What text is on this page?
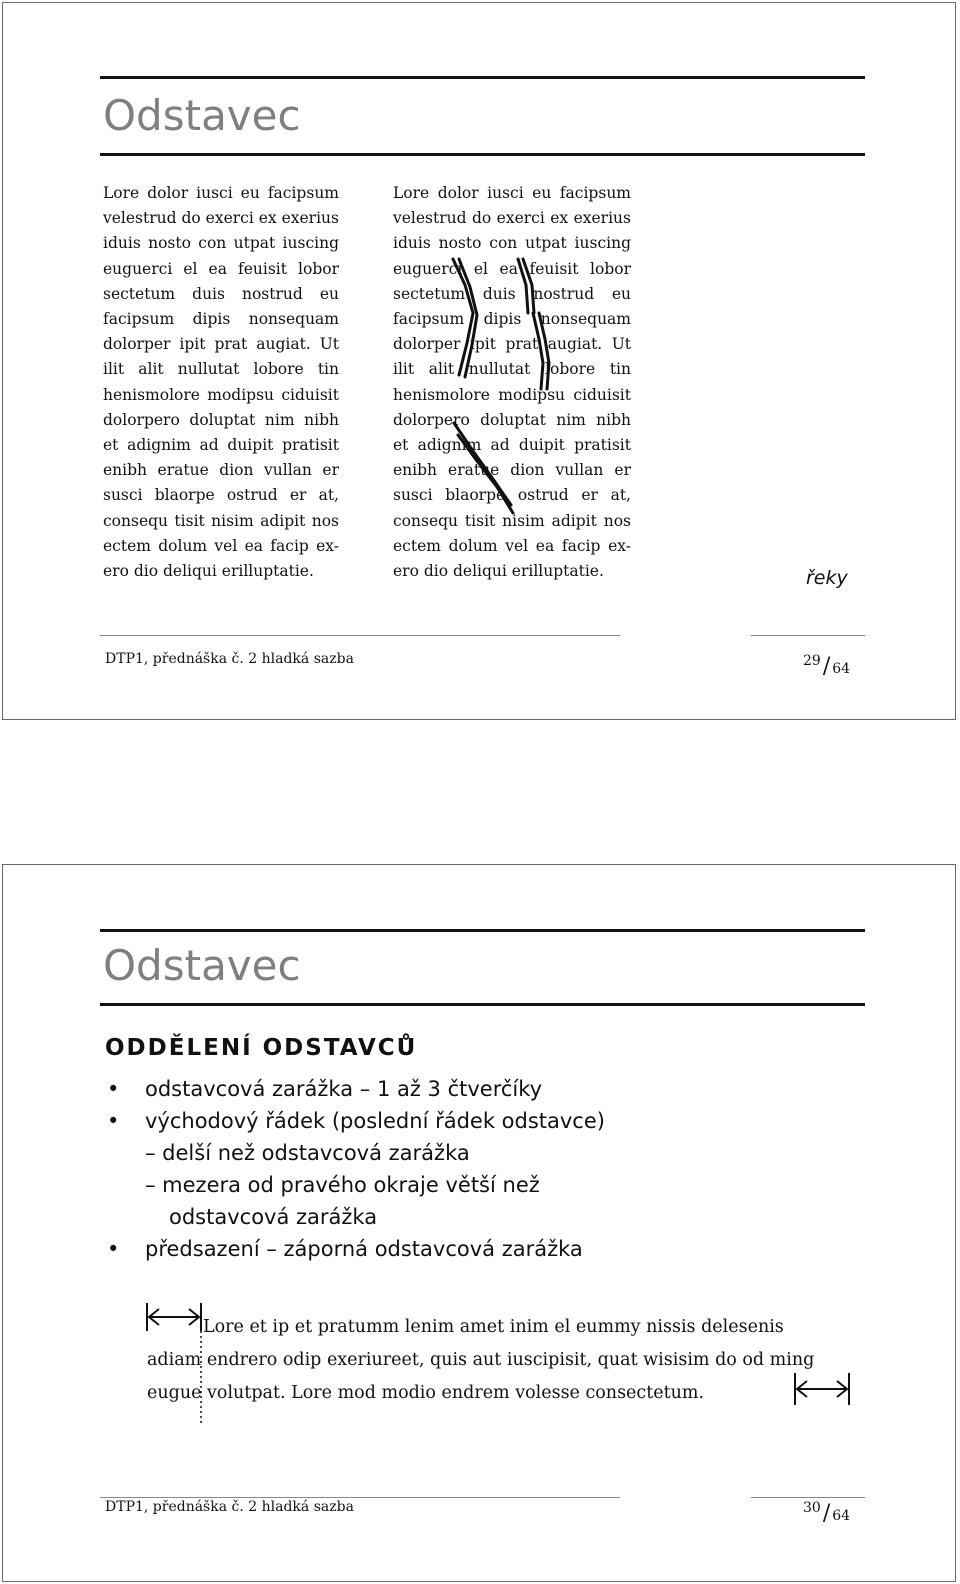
Odstavec
Lore dolor iusci eu facipsum
velestrud do exerci ex exerius
iduis nosto con utpat iuscing
euguerci el ea feuisit lobor
sectetum duis nostrud eu
facipsum dipis nonsequam
dolorper ipit prat augiat. Ut
ilit alit nullutat lobore tin
henismolore modipsu ciduisit
dolorpero doluptat nim nibh
et adignim ad duipit pratisit
enibh eratue dion vullan er
susci blaorpe ostrud er at,
consequ tisit nisim adipit nos
ectem dolum vel ea facip ex-
ero dio deliqui erilluptatie.
Lore dolor iusci eu facipsum
velestrud do exerci ex exerius
iduis nosto con utpat iuscing
euguerci el ea feuisit lobor
sectetum duis nostrud eu
facipsum dipis nonsequam
dolorper ipit prat augiat. Ut
ilit alit nullutat lobore tin
henismolore modipsu ciduisit
dolorpero doluptat nim nibh
et adignim ad duipit pratisit
enibh eratue dion vullan er
susci blaorpe ostrud er at,
consequ tisit nisim adipit nos
ectem dolum vel ea facip ex-
ero dio deliqui erilluptatie.	řeky
DTP1, přednáška č. 2 hladká sazba	29/ 64
Odstavec
ODDĚLENÍ ODSTAVCŮ
• odstavcová zarážka – 1 až 3 čtverčíky
• východový řádek (poslední řádek odstavce)
– delší než odstavcová zarážka
– mezera od pravého okraje větší než
odstavcová zarážka
• předsazení – záporná odstavcová zarážka
Lore et ip et pratumm lenim amet inim el eummy nissis delesenis
adiam endrero odip exeriureet, quis aut iuscipisit, quat wisisim do od ming
eugue volutpat. Lore mod modio endrem volesse consectetum.
DTP1, přednáška č. 2 hladká sazba	30/ 64
